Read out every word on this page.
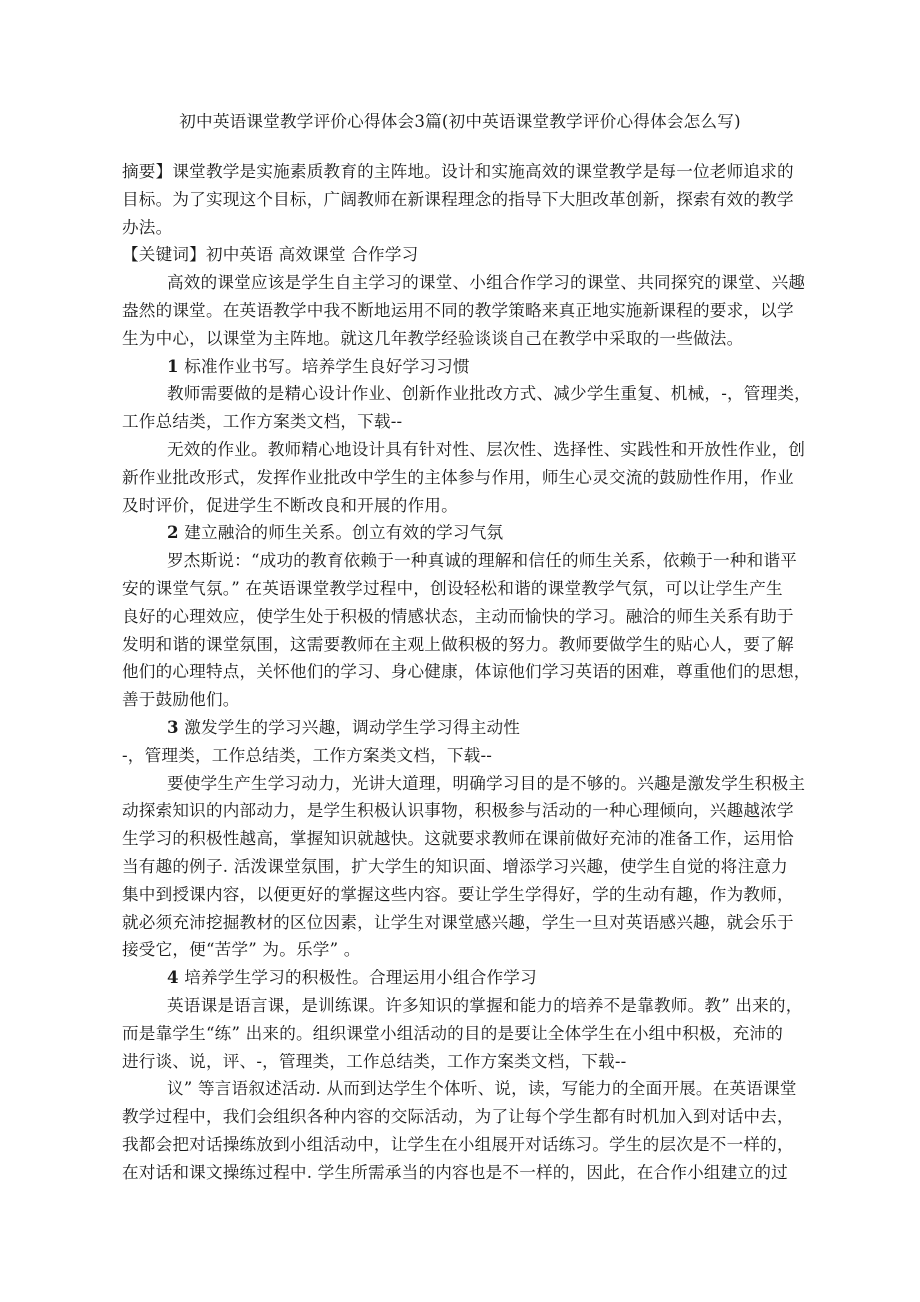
初中英语课堂教学评价心得体会3篇(初中英语课堂教学评价心得体会怎么写)
摘要】课堂教学是实施素质教育的主阵地。设计和实施高效的课堂教学是每一位老师追求的
目标。为了实现这个目标，广阔教师在新课程理念的指导下大胆改革创新，探索有效的教学
办法。
【关键词】初中英语 高效课堂 合作学习
高效的课堂应该是学生自主学习的课堂、小组合作学习的课堂、共同探究的课堂、兴趣
盎然的课堂。在英语教学中我不断地运用不同的教学策略来真正地实施新课程的要求，以学
生为中心，以课堂为主阵地。就这几年教学经验谈谈自己在教学中采取的一些做法。
1 标准作业书写。培养学生良好学习习惯
教师需要做的是精心设计作业、创新作业批改方式、减少学生重复、机械，-，管理类，
工作总结类，工作方案类文档，下载--
无效的作业。教师精心地设计具有针对性、层次性、选择性、实践性和开放性作业，创
新作业批改形式，发挥作业批改中学生的主体参与作用，师生心灵交流的鼓励性作用，作业
及时评价，促进学生不断改良和开展的作用。
2 建立融洽的师生关系。创立有效的学习气氛
罗杰斯说：“成功的教育依赖于一种真诚的理解和信任的师生关系，依赖于一种和谐平
安的课堂气氛。” 在英语课堂教学过程中，创设轻松和谐的课堂教学气氛，可以让学生产生
良好的心理效应，使学生处于积极的情感状态，主动而愉快的学习。融洽的师生关系有助于
发明和谐的课堂氛围，这需要教师在主观上做积极的努力。教师要做学生的贴心人，要了解
他们的心理特点，关怀他们的学习、身心健康，体谅他们学习英语的困难，尊重他们的思想，
善于鼓励他们。
3 激发学生的学习兴趣，调动学生学习得主动性
-，管理类，工作总结类，工作方案类文档，下载--
要使学生产生学习动力，光讲大道理，明确学习目的是不够的。兴趣是激发学生积极主
动探索知识的内部动力，是学生积极认识事物，积极参与活动的一种心理倾向，兴趣越浓学
生学习的积极性越高，掌握知识就越快。这就要求教师在课前做好充沛的准备工作，运用恰
当有趣的例子. 活泼课堂氛围，扩大学生的知识面、增添学习兴趣，使学生自觉的将注意力
集中到授课内容，以便更好的掌握这些内容。要让学生学得好，学的生动有趣，作为教师，
就必须充沛挖掘教材的区位因素，让学生对课堂感兴趣，学生一旦对英语感兴趣，就会乐于
接受它，便“苦学” 为。乐学” 。
4 培养学生学习的积极性。合理运用小组合作学习
英语课是语言课，是训练课。许多知识的掌握和能力的培养不是靠教师。教” 出来的，
而是靠学生“练” 出来的。组织课堂小组活动的目的是要让全体学生在小组中积极，充沛的
进行谈、说，评、-，管理类，工作总结类，工作方案类文档，下载--
议” 等言语叙述活动. 从而到达学生个体听、说，读，写能力的全面开展。在英语课堂
教学过程中，我们会组织各种内容的交际活动，为了让每个学生都有时机加入到对话中去，
我都会把对话操练放到小组活动中，让学生在小组展开对话练习。学生的层次是不一样的，
在对话和课文操练过程中. 学生所需承当的内容也是不一样的，因此，在合作小组建立的过
